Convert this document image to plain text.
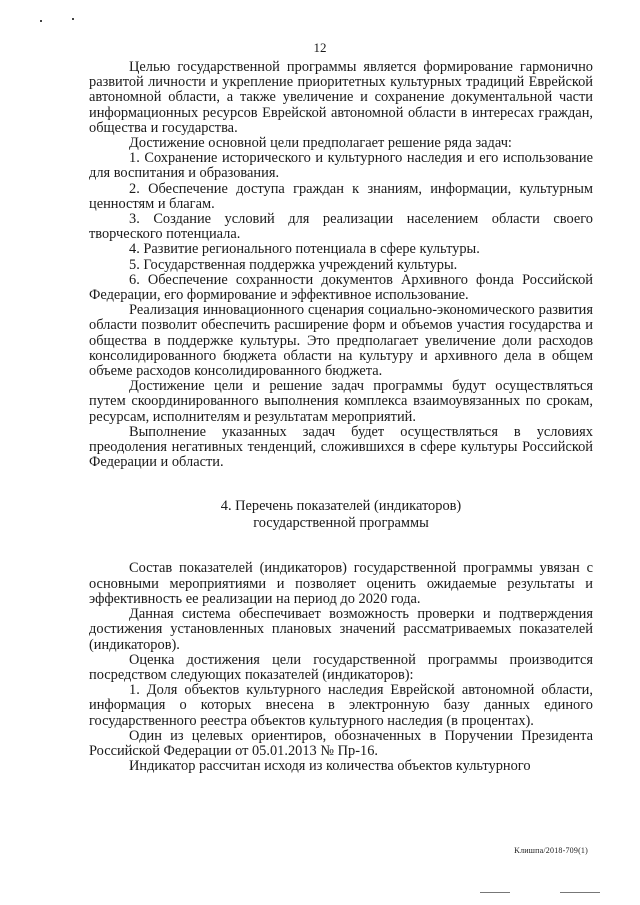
12

Целью государственной программы является формирование гармонично развитой личности и укрепление приоритетных культурных традиций Еврейской автономной области, а также увеличение и сохранение документальной части информационных ресурсов Еврейской автономной области в интересах граждан, общества и государства.

Достижение основной цели предполагает решение ряда задач:

1. Сохранение исторического и культурного наследия и его использование для воспитания и образования.

2. Обеспечение доступа граждан к знаниям, информации, культурным ценностям и благам.

3. Создание условий для реализации населением области своего творческого потенциала.

4. Развитие регионального потенциала в сфере культуры.

5. Государственная поддержка учреждений культуры.

6. Обеспечение сохранности документов Архивного фонда Российской Федерации, его формирование и эффективное использование.

Реализация инновационного сценария социально-экономического развития области позволит обеспечить расширение форм и объемов участия государства и общества в поддержке культуры. Это предполагает увеличение доли расходов консолидированного бюджета области на культуру и архивного дела в общем объеме расходов консолидированного бюджета.

Достижение цели и решение задач программы будут осуществляться путем скоординированного выполнения комплекса взаимоувязанных по срокам, ресурсам, исполнителям и результатам мероприятий.

Выполнение указанных задач будет осуществляться в условиях преодоления негативных тенденций, сложившихся в сфере культуры Российской Федерации и области.

4. Перечень показателей (индикаторов)
государственной программы

Состав показателей (индикаторов) государственной программы увязан с основными мероприятиями и позволяет оценить ожидаемые результаты и эффективность ее реализации на период до 2020 года.

Данная система обеспечивает возможность проверки и подтверждения достижения установленных плановых значений рассматриваемых показателей (индикаторов).

Оценка достижения цели государственной программы производится посредством следующих показателей (индикаторов):

1. Доля объектов культурного наследия Еврейской автономной области, информация о которых внесена в электронную базу данных единого государственного реестра объектов культурного наследия (в процентах).

Один из целевых ориентиров, обозначенных в Поручении Президента Российской Федерации от 05.01.2013 № Пр-16.

Индикатор рассчитан исходя из количества объектов культурного

Kлишпа/2018-709(1)
